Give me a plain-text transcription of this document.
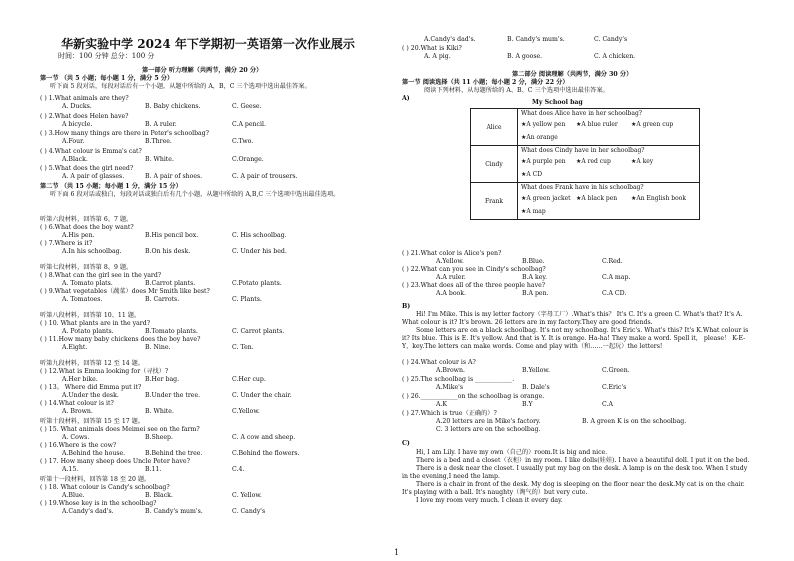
华新实验中学 2024 年下学期初一英语第一次作业展示
时间：100 分钟 总分：100 分
第一部分 听力理解（共两节，满分 20 分）
第一节 （共 5 小题；每小题 1 分，满分 5 分）
听下面 5 段对话，每段对话后有一个小题，从题中所给的 A，B，C 三个选项中选出最佳答案。
( ) 1.What animals are they?
A. Ducks.	B. Baby chickens.	C. Geese.
( ) 2.What does Helen have?
A bicycle.	B. A ruler.	C.A pencil.
( ) 3.How many things are there in Peter's schoolbag?
A.Four.	B.Three.	C.Two.
( ) 4.What colour is Emma's cat?
A.Black.	B. White.	C.Orange.
( ) 5.What does the girl need?
A. A pair of glasses.	B. A pair of shoes.	C. A pair of trousers.
第二节 （共 15 小题；每小题 1 分，满分 15 分）
听下面 6 段对话或独白，每段对话或独白后有几个小题，从题中所给的 A,B,C 三个选项中选出最佳选项。
听第六段材料，回答第 6、7 题。
听第七段材料，回答第 8、9 题。
听第八段材料，回答第 10、11 题。
听第九段材料，回答第 12 至 14 题。
听第十段材料，回答第 15 至 17 题。
听第十一段材料，回答第 18 至 20 题。
( ) 6.What does the boy want?
A.His pen.	B.His pencil box.	C. His schoolbag.
( ) 7.Where is it?
A.In his schoolbag.	B.On his desk.	C. Under his bed.
( ) 8.What can the girl see in the yard?
A. Tomato plats.	B.Carrot plants.	C.Potato plants.
( ) 9.What vegetables（蔬菜）does Mr Smith like best?
A. Tomatoes.	B. Carrots.	C. Plants.
( ) 10. What plants are in the yard?
A. Potato plants.	B.Tomato plants.	C. Carrot plants.
( ) 11.How many baby chickens does the boy have?
A.Eight.	B. Nine.	C. Ten.
( ) 12.What is Emma looking for（寻找）?
A.Her bike.	B.Her bag.	C.Her cup.
( ) 13。 Where did Emma put it?
A.Under the desk.	B.Under the tree.	C. Under the chair.
( ) 14.What colour is it?
A. Brown.	B. White.	C.Yellow.
( ) 15. What animals does Meimei see on the farm?
A. Cows.	B.Sheep.	C. A cow and sheep.
( ) 16.Where is the cow?
A.Behind the house.	B.Behind the tree.	C.Behind the flowers.
( ) 17. How many sheep does Uncle Peter have?
A.15.	B.11.	C.4.
( ) 18. What colour is Candy's schoolbag?
A.Blue.	B. Black.	C. Yellow.
( ) 19.Whose key is in the schoolbag?
A.Candy's dad's.	B. Candy's mum's.	C. Candy's
A.Candy's dad's.	B. Candy's mum's.	C. Candy's
( ) 20.What is Kiki?
A. A pig.	B. A goose.	C. A chicken.
第二部分 阅读理解（共两节，满分 30 分）
第一节 阅读选择（共 11 小题；每小题 2 分，满分 22 分）
阅读下列材料，从每题所给的 A、B、C 三个选项中选出最佳答案。
A)
My School bag
Alice	What does Alice have in her schoolbag?
★A yellow pen ★A blue ruler ★A green cup
★An orange

Cindy	What does Cindy have in her schoolbag?
★A purple pen ★A red cup ★A key
★A CD

Frank	What does Frank have in his schoolbag?
★A green jacket ★A black pen ★An English book
★A map
( ) 21.What color is Alice's pen?
A.Yellow.	B.Blue.	C.Red.
( ) 22.What can you see in Cindy's schoolbag?
A.A ruler.	B.A key.	C.A map.
( ) 23.What does all of the three people have?
A.A book.	B.A pen.	C.A CD.
B)
Hi! I'm Mike. This is my letter factory（字母工厂）.What's this？ It's C. It's a green C. What's that? It's A. What colour is it? It's brown. 26 letters are in my factory.They are good friends.
Some letters are on a black schoolbag. It's not my schoolbag. It's Eric's. What's this? It's K.What colour is it? Its blue. This is E. It's yellow. And that is Y. It is orange. Ha-ha! They make a word. Spell it， please！ K-E-Y，key.The letters can make words. Come and play with（和……一起玩）the letters!
( ) 24.What colour is A?
A.Brown.	B.Yellow.	C.Green.
( ) 25.The schoolbag is ____________.
A.Mike's	B. Dale's	C.Eric's
( ) 26.____________on the schoolbag is orange.
A.K	B.Y	C.A
( ) 27.Which is true（正确的）?
A.20 letters are in Mike's factory.	B. A green K is on the schoolbag.
C. 3 letters are on the schoolbag.
C)
Hi, I am Lily. I have my own（自己的）room.It is big and nice.
There is a bed and a closet（衣柜）in my room. I like dolls(娃娃). I have a beautiful doll. I put it on the bed.
There is a desk near the closet. I usually put my bag on the desk. A lamp is on the desk too. When I study in the evening,I need the lamp.
There is a chair in front of the desk. My dog is sleeping on the floor near the desk.My cat is on the chair. It's playing with a ball. It's naughty（淘气的）but very cute.
I love my room very much. I clean it every day.
1
